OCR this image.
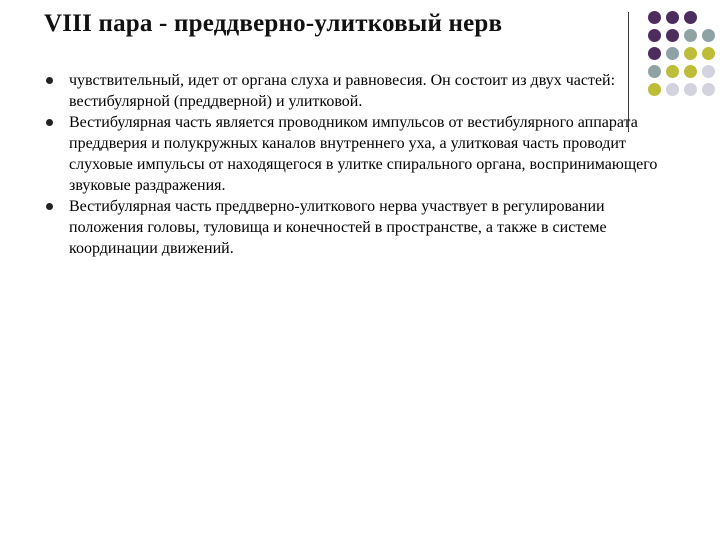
VIII пара - преддверно-улитковый нерв
чувствительный, идет от органа слуха и равновесия. Он состоит из двух частей: вестибулярной (преддверной) и улитковой.
Вестибулярная часть является проводником импульсов от вестибулярного аппарата преддверия и полукружных каналов внутреннего уха, а улитковая часть проводит слуховые импульсы от находящегося в улитке спирального органа, воспринимающего звуковые раздражения.
Вестибулярная часть преддверно-улиткового нерва участвует в регулировании положения головы, туловища и конечностей в пространстве, а также в системе координации движений.
